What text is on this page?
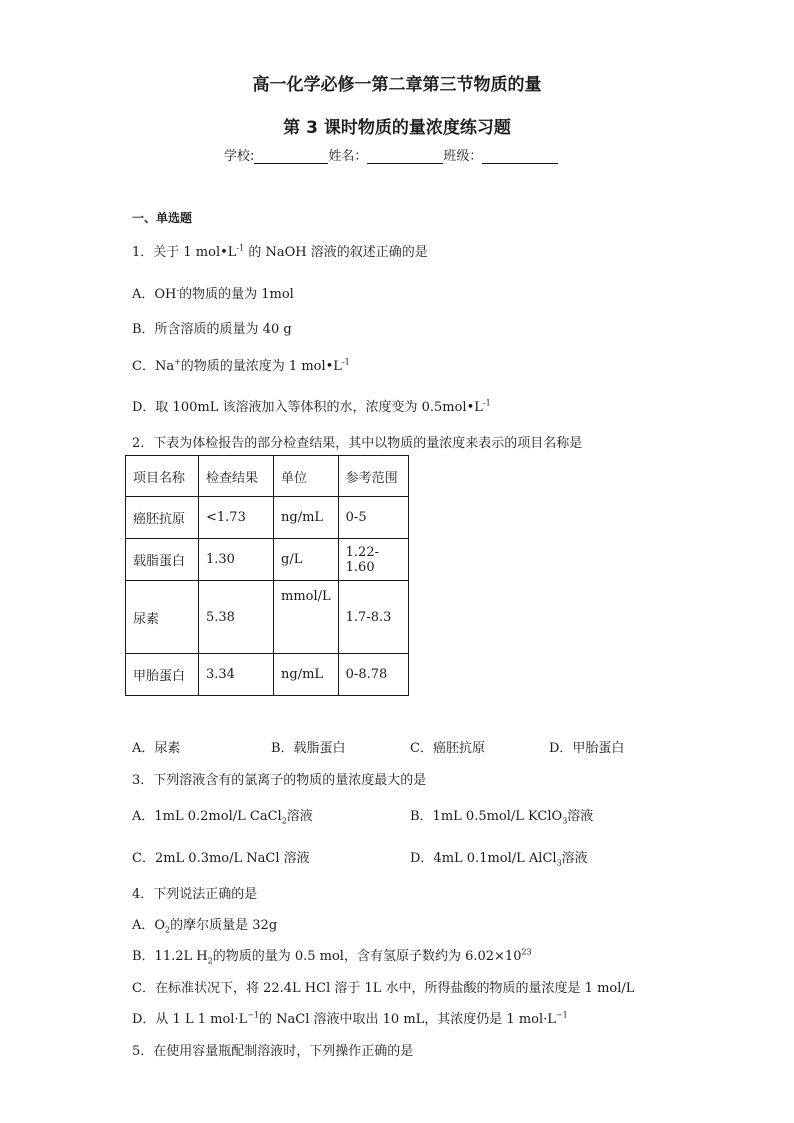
高一化学必修一第二章第三节物质的量
第 3 课时物质的量浓度练习题
学校:	姓名：	班级：
一、单选题
1．关于 1 $mol•L^{-1}$ 的 NaOH 溶液的叙述正确的是
A．OH-的物质的量为 1mol
B．所含溶质的质量为 40 g
C．Na+的物质的量浓度为 1 $mol•L^{-1}$
D．取 100mL 该溶液加入等体积的水，浓度变为 $0.5mol•L^{-1}$
2．下表为体检报告的部分检查结果，其中以物质的量浓度来表示的项目名称是
项目名称	检查结果	单位	参考范围
癌胚抗原	<1.73	ng/mL	0-5
载脂蛋白	1.30	g/L	1.22-1.60
尿素	5.38	mmol/L	1.7-8.3
甲胎蛋白	3.34	ng/mL	0-8.78
A．尿素	B．载脂蛋白	C．癌胚抗原	D．甲胎蛋白
3．下列溶液含有的氯离子的物质的量浓度最大的是
A．1mL 0.2mol/L CaCl$_2$溶液	B．1mL 0.5mol/L KClO$_3$溶液
C．2mL 0.3mo/L NaCl 溶液	D．4mL 0.1mol/L AlCl$_3$溶液
4．下列说法正确的是
A．$O_2$的摩尔质量是 32g
B．11.2L $H_2$的物质的量为 0.5 mol，含有氢原子数约为 $6.02\times 10^{23}$
C．在标准状况下，将 22.4L HCl 溶于 1L 水中，所得盐酸的物质的量浓度是 1 mol/L
D．从 1 L 1 $mol\cdot L^{-1}$的 NaCl 溶液中取出 10 mL，其浓度仍是 1 $mol\cdot L^{-1}$
5．在使用容量瓶配制溶液时，下列操作正确的是
